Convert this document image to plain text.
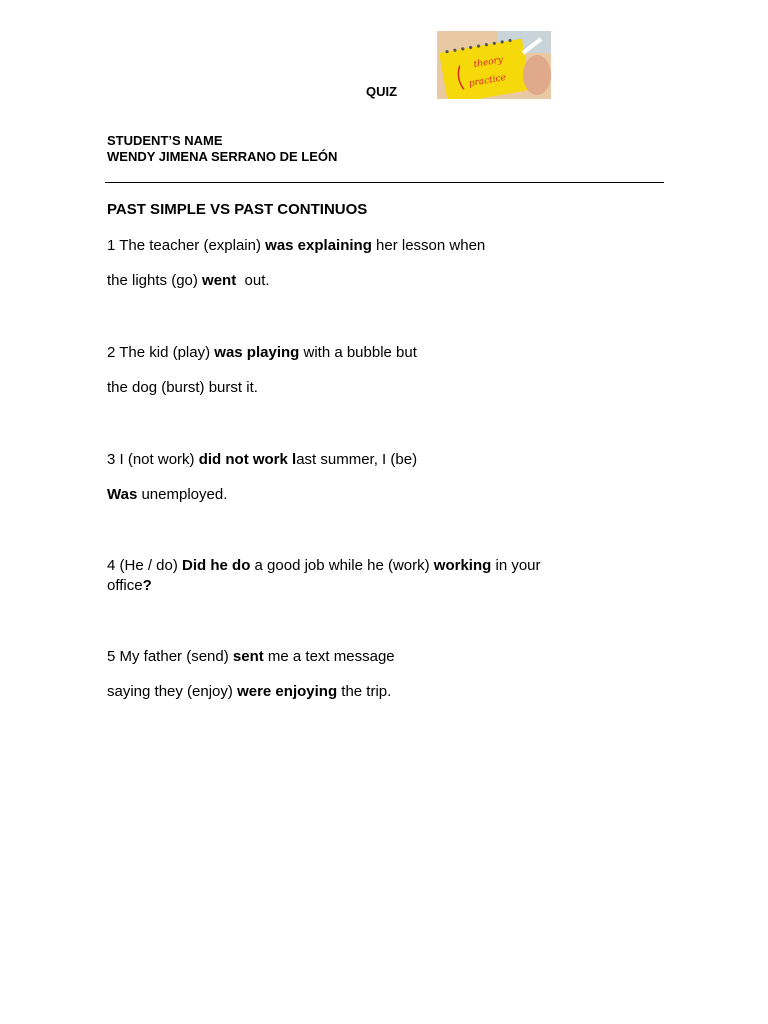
QUIZ
theory
practice
STUDENT’S NAME
WENDY JIMENA SERRANO DE LEÓN
PAST SIMPLE VS PAST CONTINUOS
1 The teacher (explain) was explaining her lesson when
the lights (go) went  out.
2 The kid (play) was playing with a bubble but
the dog (burst) burst it.
3 I (not work) did not work last summer, I (be)
Was unemployed.
4 (He / do) Did he do a good job while he (work) working in your
office?
5 My father (send) sent me a text message
saying they (enjoy) were enjoying the trip.
